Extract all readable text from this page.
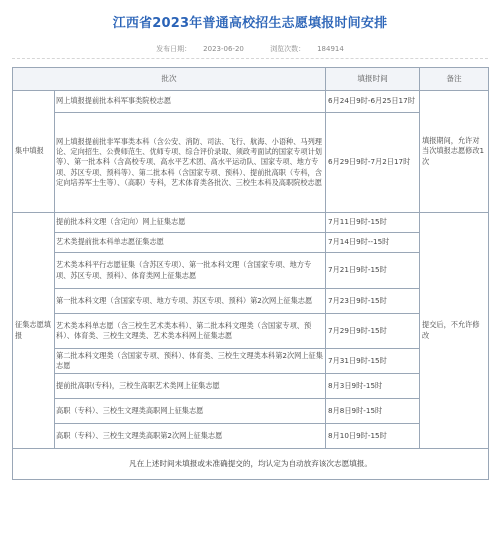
江西省2023年普通高校招生志愿填报时间安排
发布日期： 2023-06-20	浏览次数： 184914
批次		填报时间	备注
集中填报	网上填报提前批本科军事类院校志愿	6月24日9时-6月25日17时	填报期间，允许对当次填报志愿修改1次
	网上填报提前批非军事类本科（含公安、消防、司法、飞行、航海、小语种、马列理论、定向招生、公费师范生、优师专项、综合评价录取、须政考面试的国家专项计划等）、第一批本科（含高校专项、高水平艺术团、高水平运动队、国家专项、地方专项、苏区专项、预科等）、第二批本科（含国家专项、预科）、提前批高职（专科，含定向培养军士生等）、（高职）专科，艺术体育类各批次、三校生本科及高职院校志愿	6月29日9时-7月2日17时	
征集志愿填报	提前批本科文理（含定向）网上征集志愿	7月11日9时-15时	提交后，不允许修改
	艺术类提前批本科单志愿征集志愿	7月14日9时--15时	
	艺术类本科平行志愿征集（含苏区专项）、第一批本科文理（含国家专项、地方专项、苏区专项、预科）、体育类网上征集志愿	7月21日9时-15时	
	第一批本科文理（含国家专项、地方专项、苏区专项、预科）第2次网上征集志愿	7月23日9时-15时	
	艺术类本科单志愿（含三校生艺术类本科）、第二批本科文理类（含国家专项、预科）、体育类、三校生文理类、艺术类本科网上征集志愿	7月29日9时-15时	
	第二批本科文理类（含国家专项、预科）、体育类、三校生文理类本科第2次网上征集志愿	7月31日9时-15时	
	提前批高职(专科)，三校生高职艺术类网上征集志愿	8月3日9时-15时	
	高职（专科）、三校生文理类高职网上征集志愿	8月8日9时-15时	
	高职（专科）、三校生文理类高职第2次网上征集志愿	8月10日9时-15时	
凡在上述时间未填报或未准确提交的，均认定为自动放弃该次志愿填报。			
